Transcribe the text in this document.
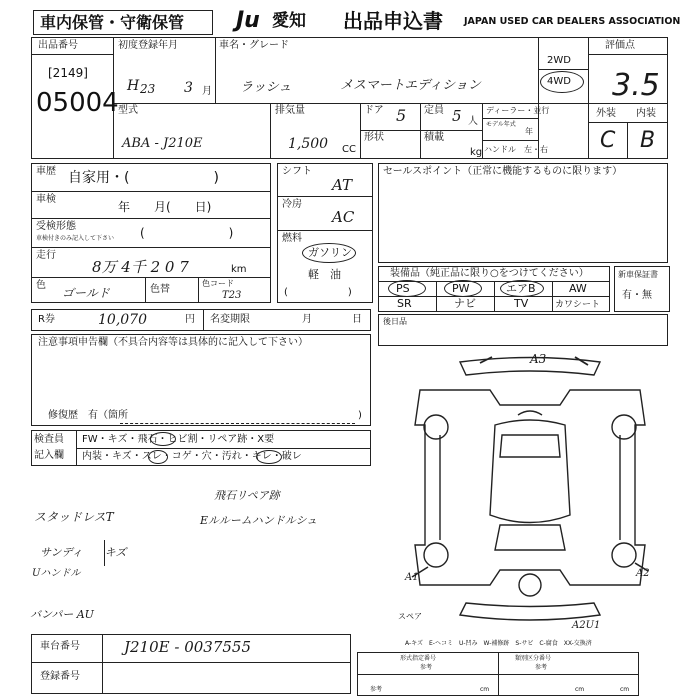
車内保管・守衛保管 Ju 愛知 出品申込書 JAPAN USED CAR DEALERS ASSOCIATION
出品番号
[2149]
05004
初度登録年月
H 23 3 月
車名・グレード
ラッシュ	メスマートエディション
2WD
4WD
評価点
3.5
型式
ABA - J210E
排気量
1,500 CC
ドア 5 定員 5 人
形状	積載
kg
ディーラー・並行
モデル年式
年
ハンドル　左・右
外装 内装
C B
車歴 自家用・(　　　　　　)
車検
年　　月(　　日)
受検形態
車検付きのみ記入して下さい (　　　　　　　)
走行
8万 4千 2 0 7	km
色
ゴールド	色替
色コード
T23
シフト
AT
冷房
AC
燃料
ガソリン
軽　油
(　　　　　　)
セールスポイント（正常に機能するものに限ります）
装備品（純正品に限り○をつけてください）
PS	PW	エアB	AW
SR	ナビ	TV	カワシート
新車保証書
有・無
R券	10,070	円 名変期限	月	日	後日品
注意事項申告欄（不具合内容等は具体的に記入して下さい）
修復歴　有（箇所	)
検査員
記入欄
FW・キズ・飛石・ヒビ割・リペア跡・X要
内装・キズ・スレ・コゲ・穴・汚れ・キレ・破レ
スタッドレスT
サンディ　　キズ
Uハンドル
バンパー AU
飛石リペア跡
Eルルームハンドルシュ
A3
A1	A2
A2U1
スペア
A-キズ　E-ヘコミ　U-凹み　W-補修跡　S-サビ　C-腐食　XX-交換済
車台番号	J210E - 0037555
登録番号
形式指定番号	類別区分番号
参考	参考
参考	cm	cm	cm
